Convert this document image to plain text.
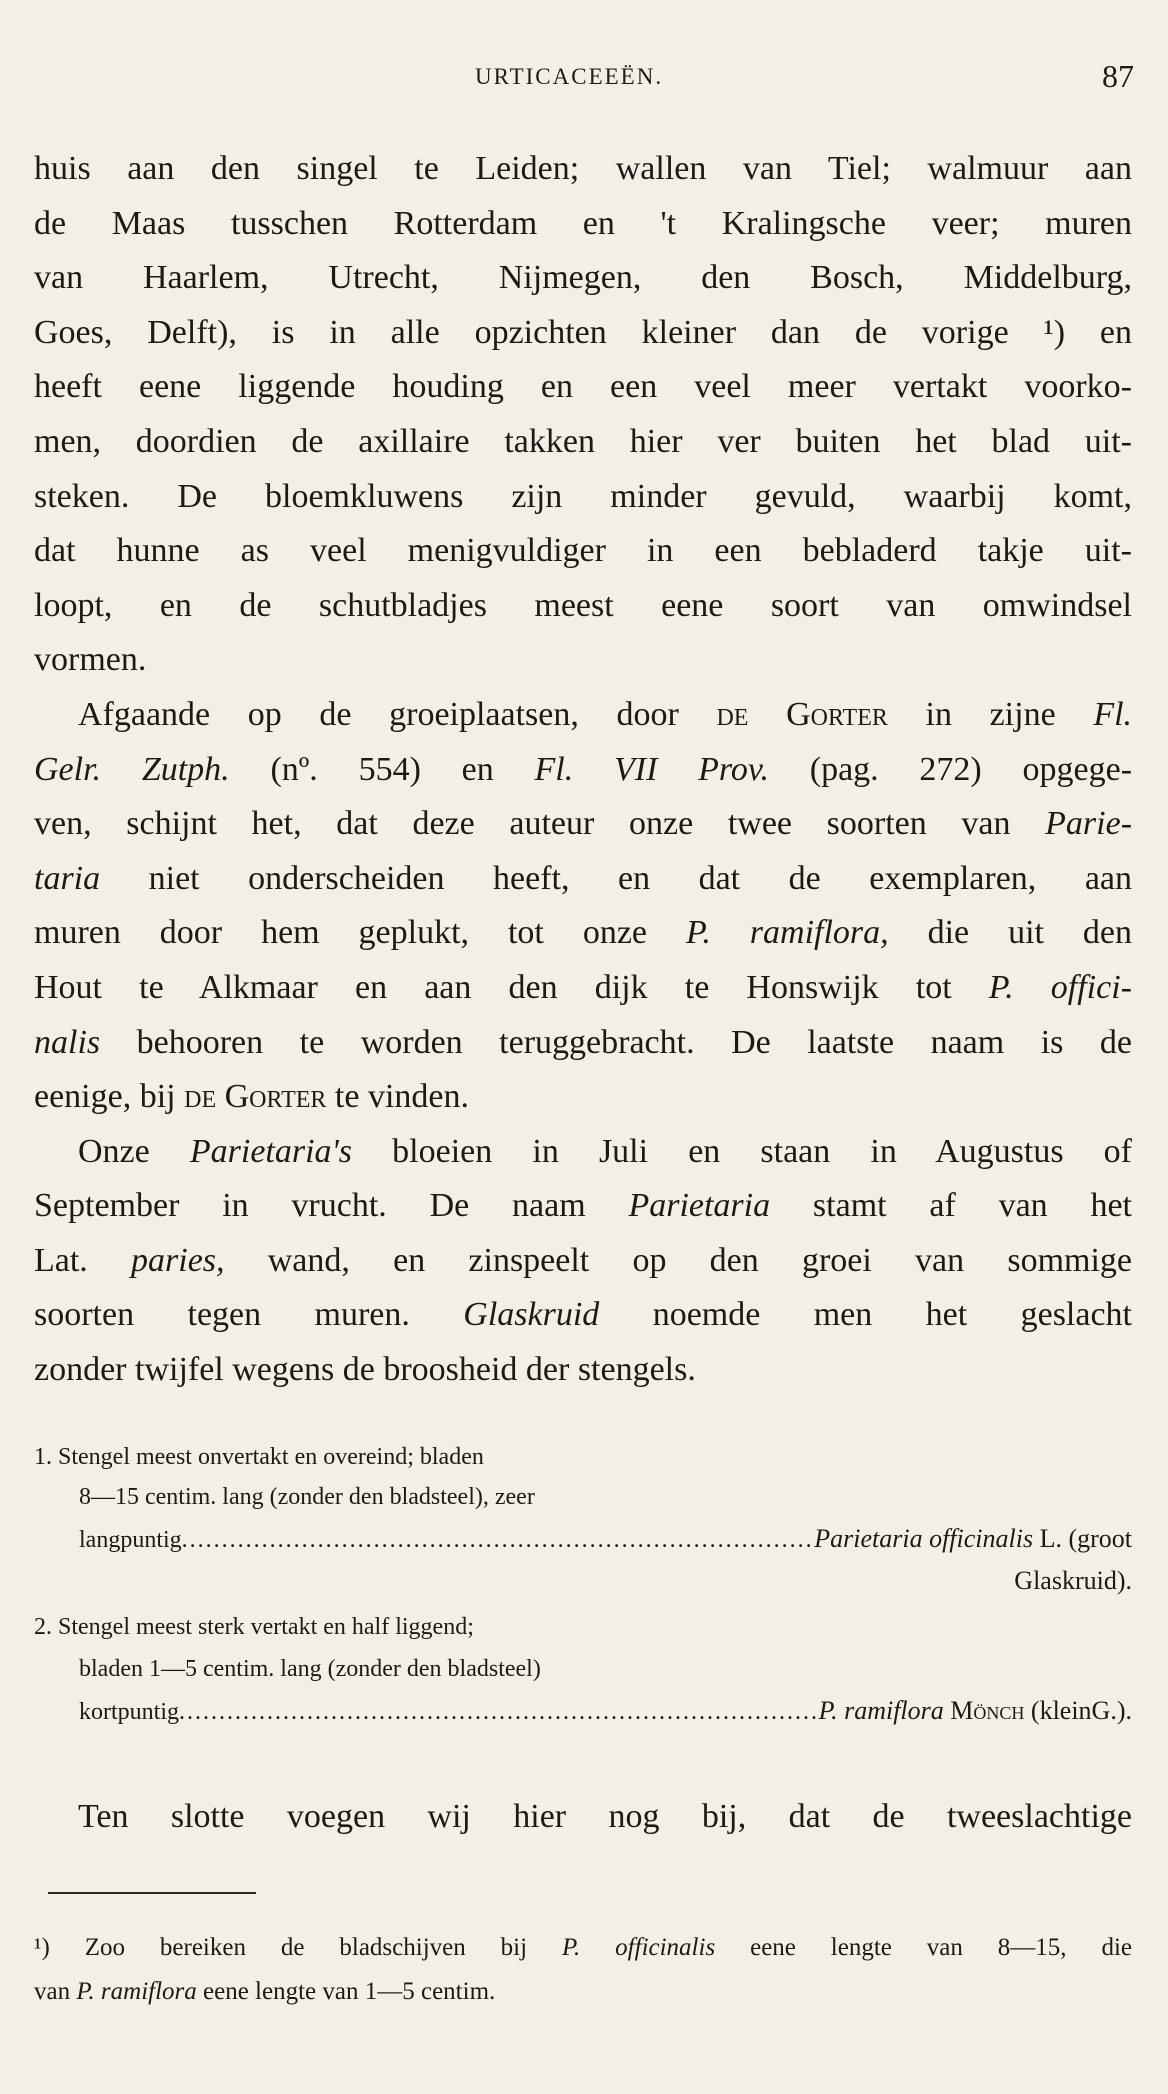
URTICACEEËN.	87
huis aan den singel te Leiden; wallen van Tiel; walmuur aan
de Maas tusschen Rotterdam en 't Kralingsche veer; muren
van Haarlem, Utrecht, Nijmegen, den Bosch, Middelburg,
Goes, Delft), is in alle opzichten kleiner dan de vorige ¹) en
heeft eene liggende houding en een veel meer vertakt voorko-
men, doordien de axillaire takken hier ver buiten het blad uit-
steken. De bloemkluwens zijn minder gevuld, waarbij komt,
dat hunne as veel menigvuldiger in een bebladerd takje uit-
loopt, en de schutbladjes meest eene soort van omwindsel
vormen.
Afgaande op de groeiplaatsen, door de Gorter in zijne Fl.
Gelr. Zutph. (nº. 554) en Fl. VII Prov. (pag. 272) opgege-
ven, schijnt het, dat deze auteur onze twee soorten van Parie-
taria niet onderscheiden heeft, en dat de exemplaren, aan
muren door hem geplukt, tot onze P. ramiflora, die uit den
Hout te Alkmaar en aan den dijk te Honswijk tot P. offici-
nalis behooren te worden teruggebracht. De laatste naam is de
eenige, bij de Gorter te vinden.
Onze Parietaria's bloeien in Juli en staan in Augustus of
September in vrucht. De naam Parietaria stamt af van het
Lat. paries, wand, en zinspeelt op den groei van sommige
soorten tegen muren. Glaskruid noemde men het geslacht
zonder twijfel wegens de broosheid der stengels.
1. Stengel meest onvertakt en overeind; bladen
8—15 centim. lang (zonder den bladsteel), zeer
langpuntig .....	Parietaria officinalis L. (groot
Glaskruid).
2. Stengel meest sterk vertakt en half liggend;
bladen 1—5 centim. lang (zonder den bladsteel)
kortpuntig .....	P. ramiflora Mönch (kleinG.).
Ten slotte voegen wij hier nog bij, dat de tweeslachtige
¹) Zoo bereiken de bladschijven bij P. officinalis eene lengte van 8—15, die
van P. ramiflora eene lengte van 1—5 centim.
